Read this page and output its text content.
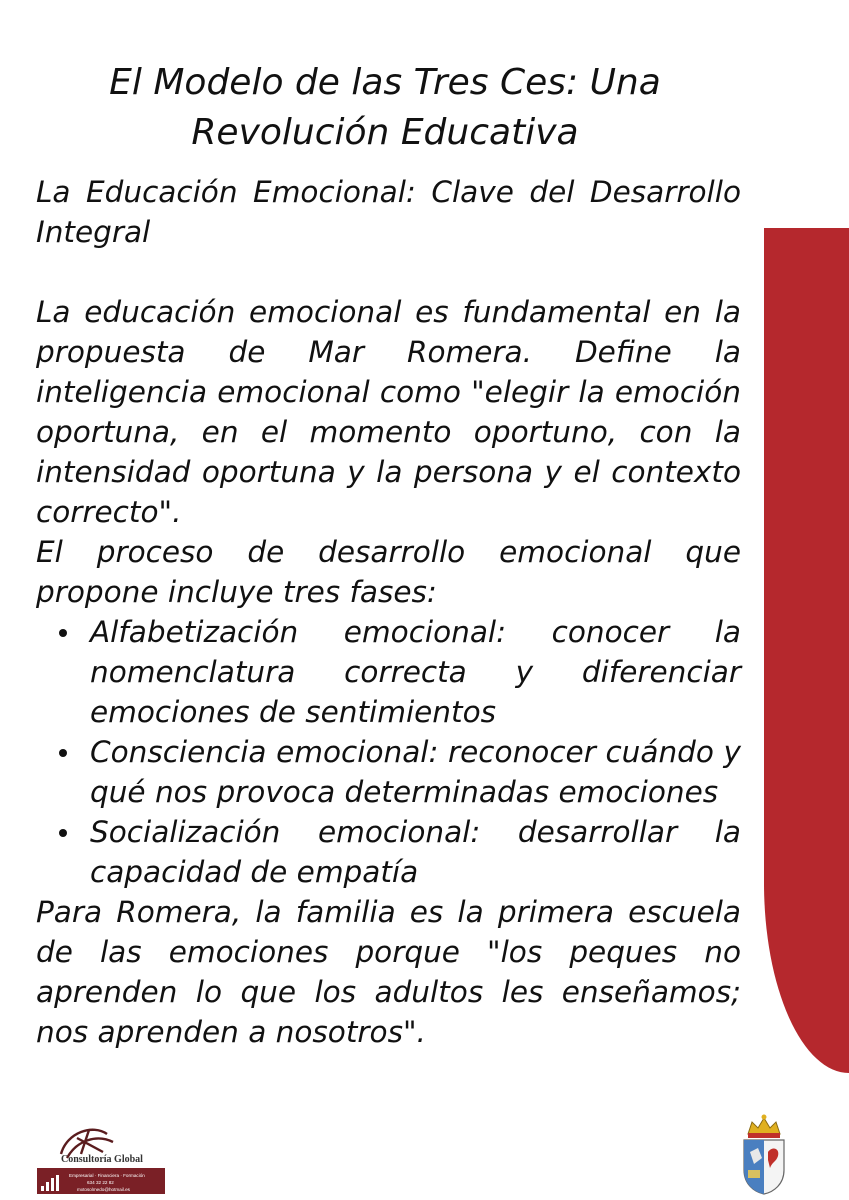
El Modelo de las Tres Ces: Una Revolución Educativa
La Educación Emocional: Clave del Desarrollo Integral

La educación emocional es fundamental en la propuesta de Mar Romera. Define la inteligencia emocional como "elegir la emoción oportuna, en el momento oportuno, con la intensidad oportuna y la persona y el contexto correcto".

El proceso de desarrollo emocional que propone incluye tres fases:

Alfabetización emocional: conocer la nomenclatura correcta y diferenciar emociones de sentimientos
Consciencia emocional: reconocer cuándo y qué nos provoca determinadas emociones
Socialización emocional: desarrollar la capacidad de empatía

Para Romera, la familia es la primera escuela de las emociones porque "los peques no aprenden lo que los adultos les enseñamos; nos aprenden a nosotros".

Consultoría Global
Empresarial · Financiera · Formación
634 32 22 82
mxtosolmedo@hotmail.es
